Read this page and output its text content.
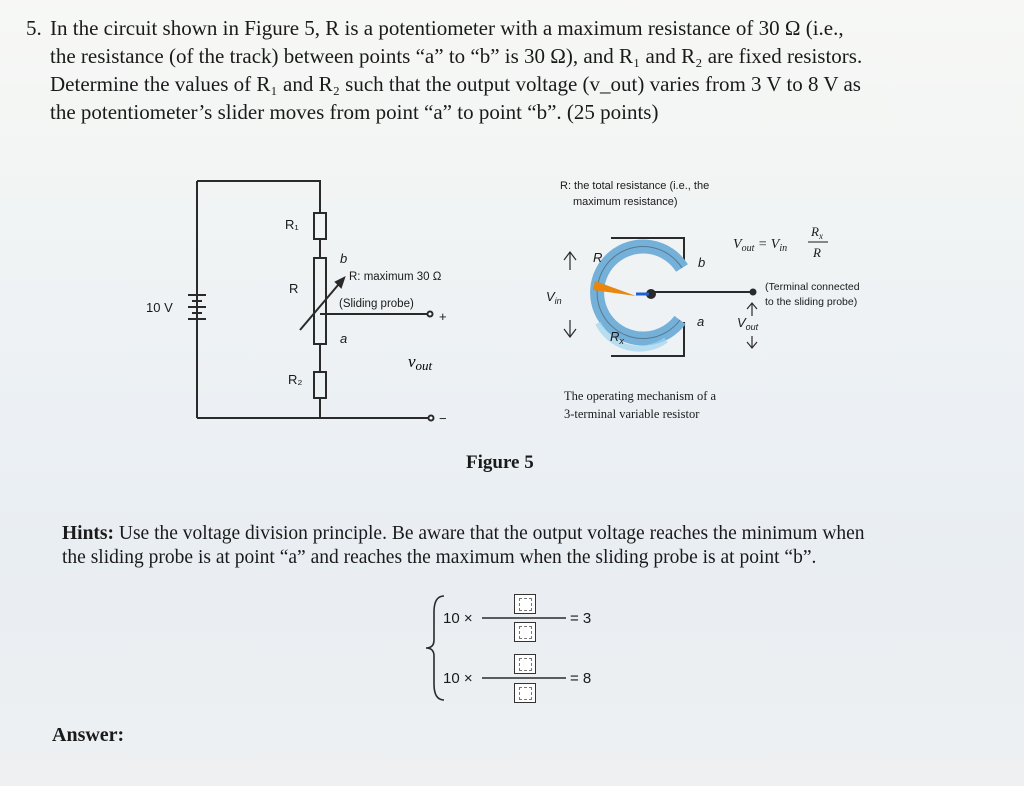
5. In the circuit shown in Figure 5, R is a potentiometer with a maximum resistance of 30 Ω (i.e.,
the resistance (of the track) between points “a” to “b” is 30 Ω), and R₁ and R₂ are fixed resistors.
Determine the values of R₁ and R₂ such that the output voltage (v_out) varies from 3 V to 8 V as
the potentiometer’s slider moves from point “a” to point “b”. (25 points)
10 V
R₁
R
R₂
b
a
R: maximum 30 Ω
(Sliding probe)
+
−
vout
R: the total resistance (i.e., the
maximum resistance)
R	b
a
$R_x$
$V_{in}$
$V_{out}$
(Terminal connected
to the sliding probe)
$V_{out} = V_{in}$
$R_x$
R
The operating mechanism of a
3-terminal variable resistor
10 ×	= 3
10 ×	= 8
Figure 5
Hints: Use the voltage division principle. Be aware that the output voltage reaches the minimum when
the sliding probe is at point “a” and reaches the maximum when the sliding probe is at point “b”.
Answer:
